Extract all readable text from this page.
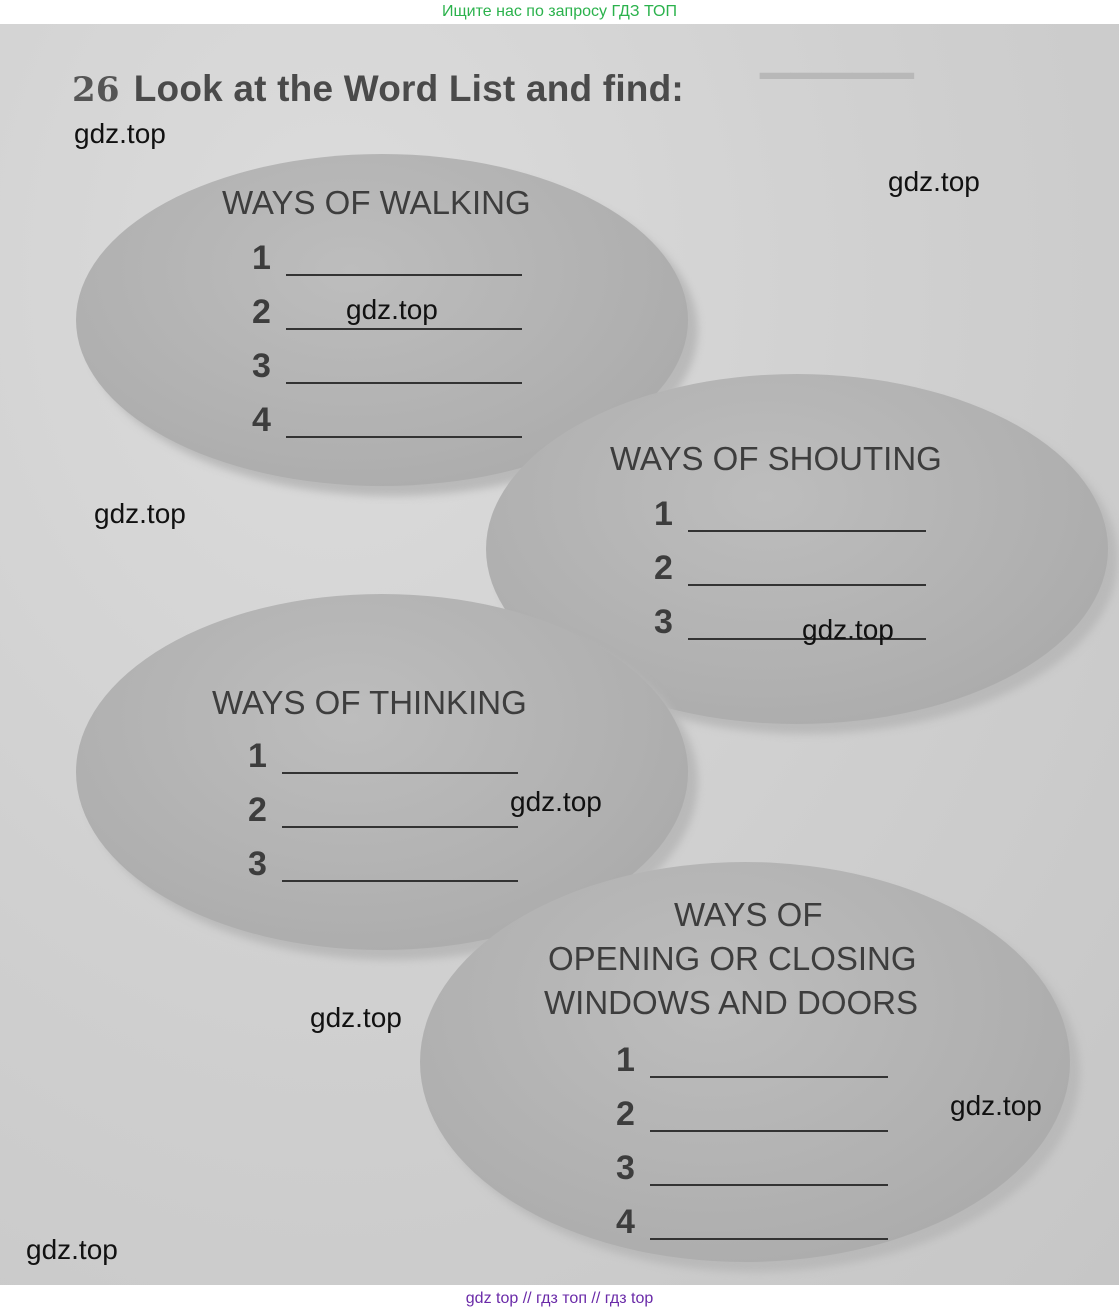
Ищите нас по запросу ГДЗ ТОП
▁▁▁▁▁
26 Look at the Word List and find:
WAYS OF WALKING
1
2
3
4
WAYS OF SHOUTING
1
2
3
WAYS OF THINKING
1
2
3
WAYS OF
OPENING OR CLOSING
WINDOWS AND DOORS
1
2
3
4
gdz.top
gdz.top
gdz.top
gdz.top
gdz.top
gdz.top
gdz.top
gdz.top
gdz.top
gdz top // гдз топ // гдз top
